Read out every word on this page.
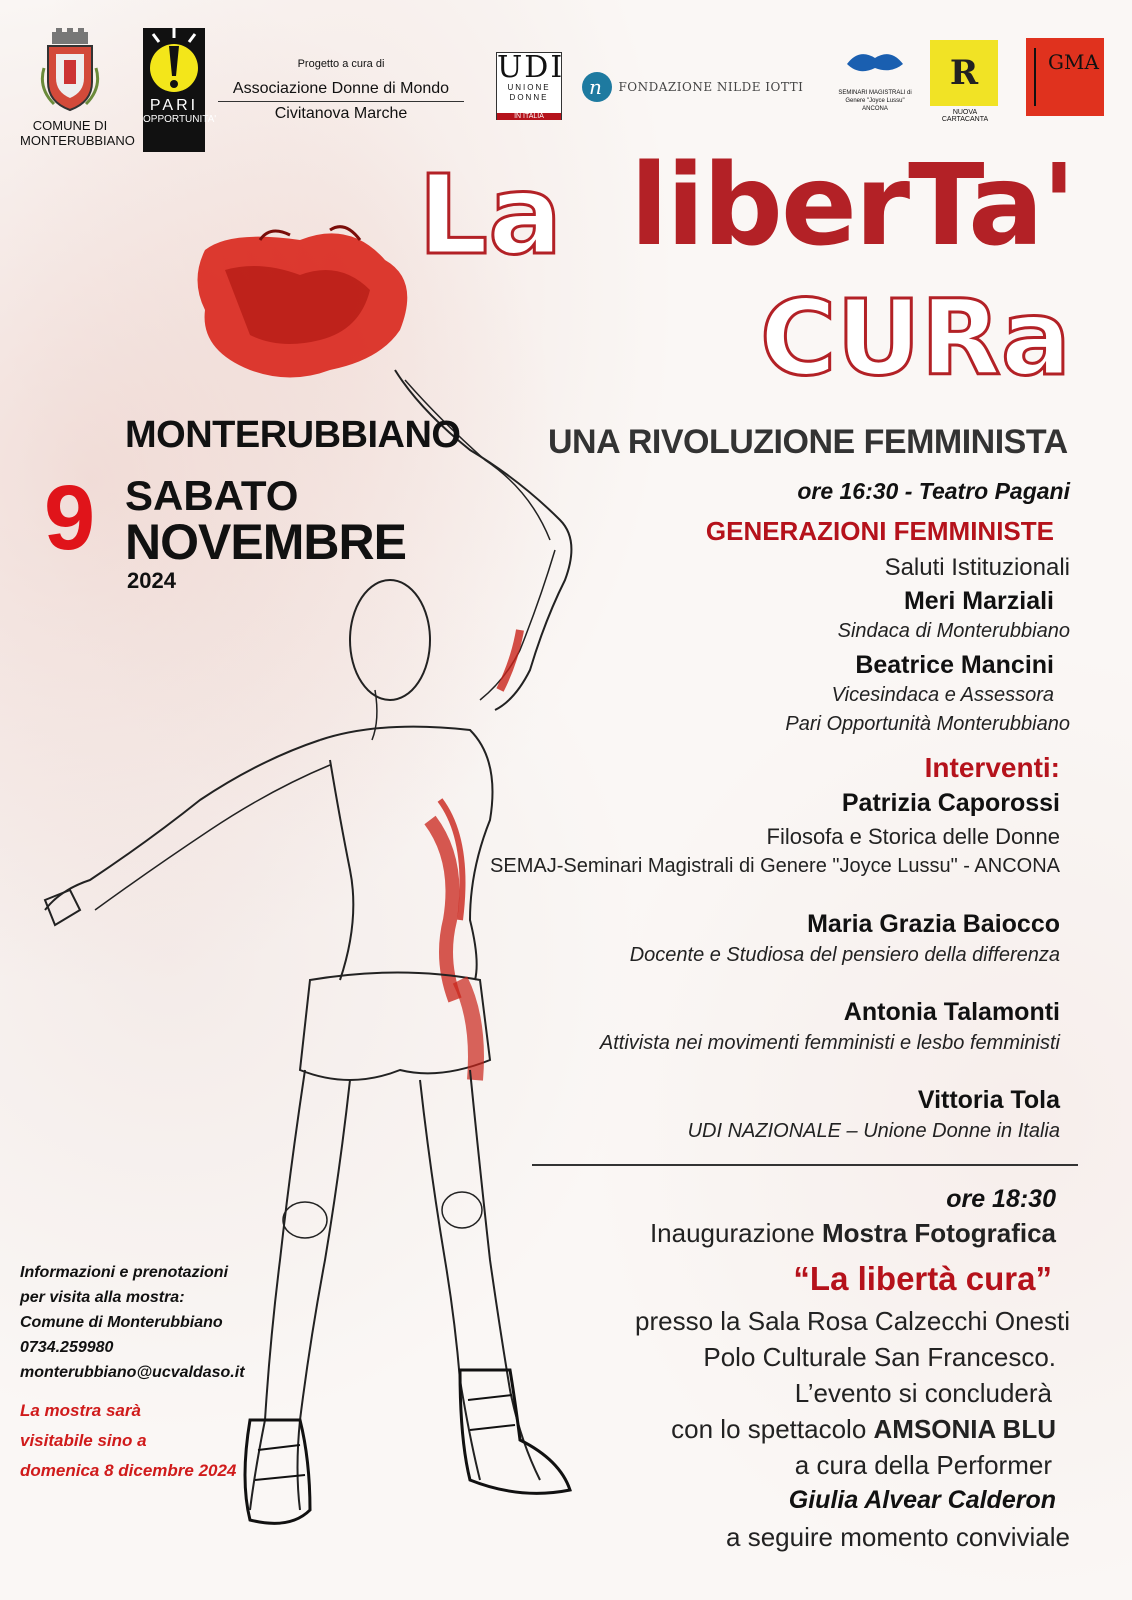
COMUNE DI MONTERUBBIANO
PARI
OPPORTUNITA'
Progetto a cura di
Associazione Donne di Mondo
Civitanova Marche
UDI
UNIONE DONNE
IN ITALIA
n FONDAZIONE NILDE IOTTI	SEMINARI MAGISTRALI di Genere "Joyce Lussu" ANCONA
R
NUOVA CARTACANTA
GMA
La liberTa'
CURa
UNA RIVOLUZIONE FEMMINISTA
MONTERUBBIANO
9 SABATO
NOVEMBRE
2024
ore 16:30 - Teatro Pagani
GENERAZIONI FEMMINISTE
Saluti Istituzionali
Meri Marziali
Sindaca di Monterubbiano
Beatrice Mancini
Vicesindaca e Assessora
Pari Opportunità Monterubbiano
Interventi:
Patrizia Caporossi
Filosofa e Storica delle Donne
SEMAJ-Seminari Magistrali di Genere "Joyce Lussu" - ANCONA
Maria Grazia Baiocco
Docente e Studiosa del pensiero della differenza
Antonia Talamonti
Attivista nei movimenti femministi e lesbo femministi
Vittoria Tola
UDI NAZIONALE – Unione Donne in Italia
ore 18:30
Inaugurazione Mostra Fotografica
“La libertà cura”
presso la Sala Rosa Calzecchi Onesti
Polo Culturale San Francesco.
L’evento si concluderà
con lo spettacolo AMSONIA BLU
a cura della Performer
Giulia Alvear Calderon
a seguire momento conviviale
Informazioni e prenotazioni
per visita alla mostra:
Comune di Monterubbiano
0734.259980
monterubbiano@ucvaldaso.it
La mostra sarà
visitabile sino a
domenica 8 dicembre 2024
